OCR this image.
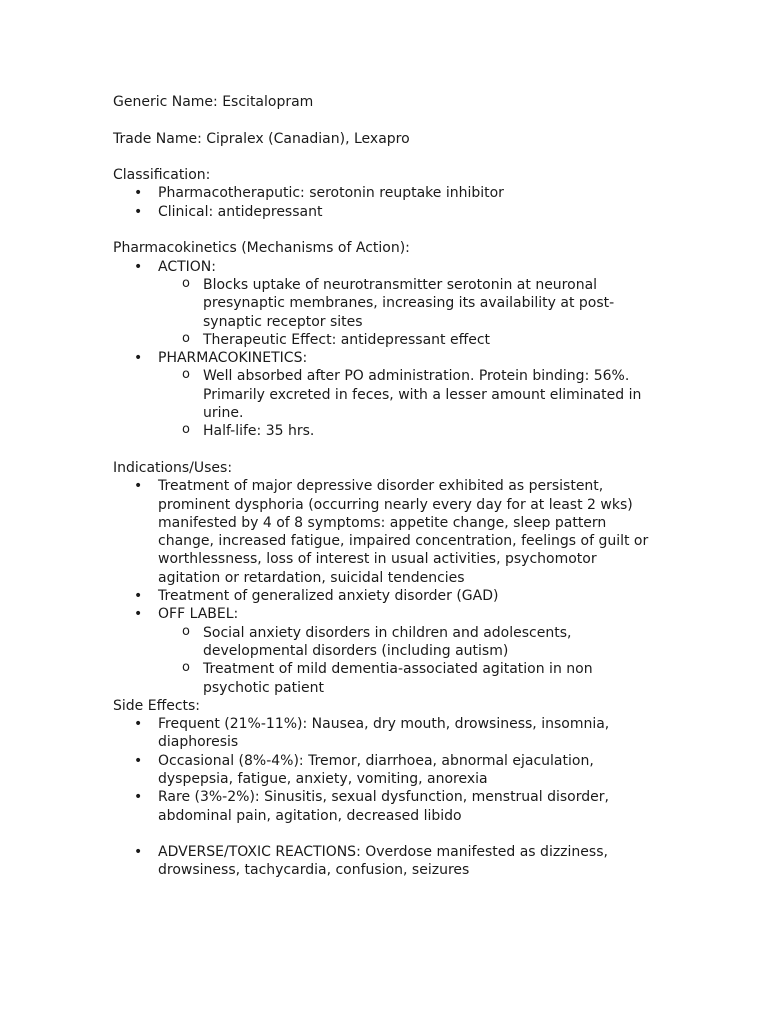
Generic Name: Escitalopram

Trade Name: Cipralex (Canadian), Lexapro

Classification:

• Pharmacotheraputic: serotonin reuptake inhibitor
• Clinical: antidepressant

Pharmacokinetics (Mechanisms of Action):

• ACTION:
o Blocks uptake of neurotransmitter serotonin at neuronal presynaptic membranes, increasing its availability at post-synaptic receptor sites
o Therapeutic Effect: antidepressant effect
• PHARMACOKINETICS:
o Well absorbed after PO administration. Protein binding: 56%. Primarily excreted in feces, with a lesser amount eliminated in urine.
o Half-life: 35 hrs.

Indications/Uses:

• Treatment of major depressive disorder exhibited as persistent, prominent dysphoria (occurring nearly every day for at least 2 wks) manifested by 4 of 8 symptoms: appetite change, sleep pattern change, increased fatigue, impaired concentration, feelings of guilt or worthlessness, loss of interest in usual activities, psychomotor agitation or retardation, suicidal tendencies
• Treatment of generalized anxiety disorder (GAD)
• OFF LABEL:
o Social anxiety disorders in children and adolescents, developmental disorders (including autism)
o Treatment of mild dementia-associated agitation in non psychotic patient

Side Effects:

• Frequent (21%-11%): Nausea, dry mouth, drowsiness, insomnia, diaphoresis
• Occasional (8%-4%): Tremor, diarrhoea, abnormal ejaculation, dyspepsia, fatigue, anxiety, vomiting, anorexia
• Rare (3%-2%): Sinusitis, sexual dysfunction, menstrual disorder, abdominal pain, agitation, decreased libido
• ADVERSE/TOXIC REACTIONS: Overdose manifested as dizziness, drowsiness, tachycardia, confusion, seizures
